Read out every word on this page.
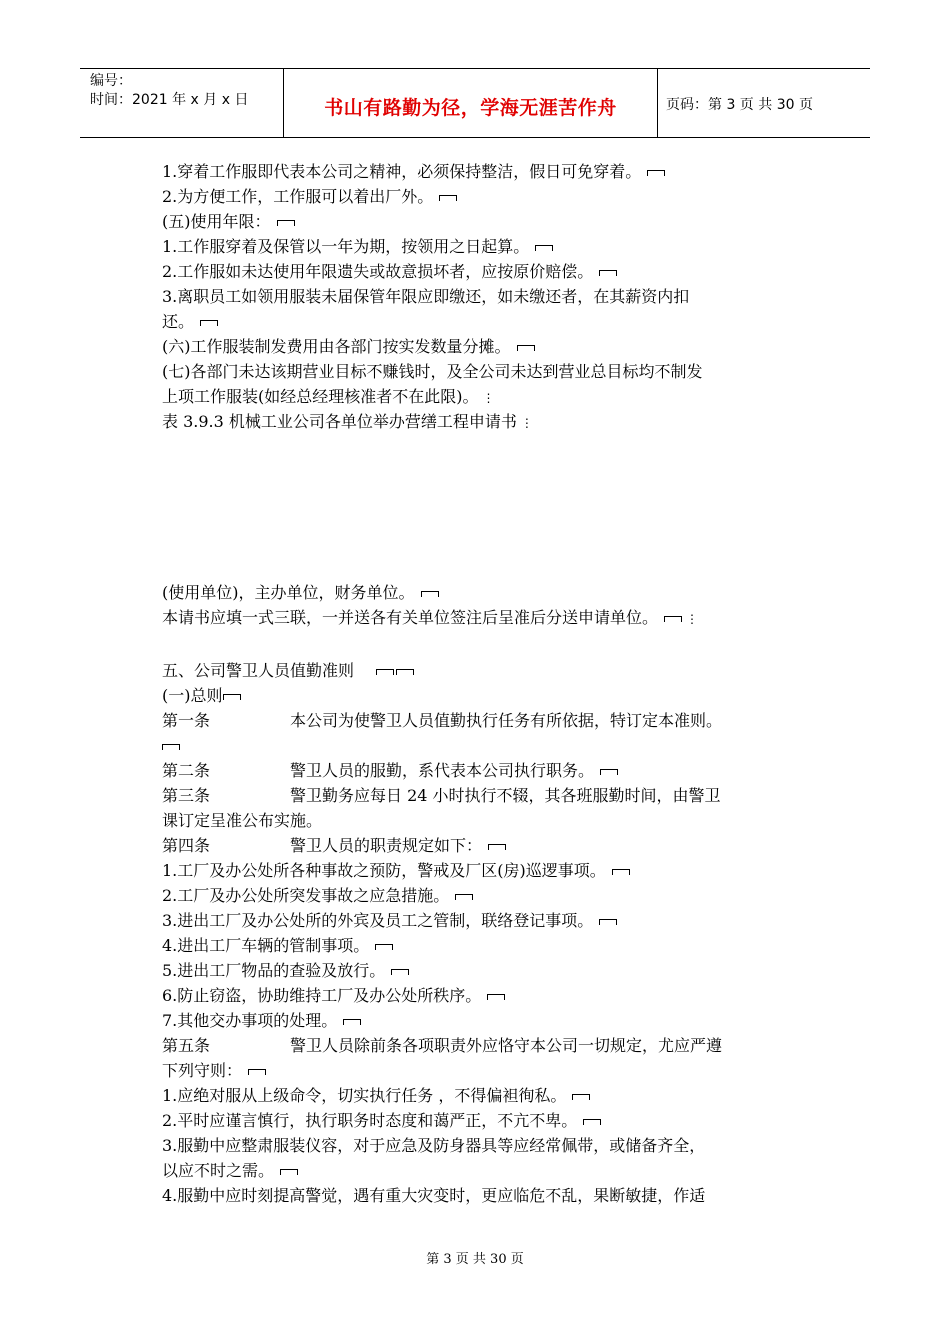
编号：
时间：2021 年 x 月 x 日	书山有路勤为径，学海无涯苦作舟	页码：第 3 页 共 30 页
1.穿着工作服即代表本公司之精神，必须保持整洁，假日可免穿着。
2.为方便工作，工作服可以着出厂外。
(五)使用年限：
1.工作服穿着及保管以一年为期，按领用之日起算。
2.工作服如未达使用年限遗失或故意损坏者，应按原价赔偿。
3.离职员工如领用服装未届保管年限应即缴还，如未缴还者，在其薪资内扣
还。
(六)工作服装制发费用由各部门按实发数量分摊。
(七)各部门未达该期营业目标不赚钱时，及全公司未达到营业总目标均不制发
上项工作服装(如经总经理核准者不在此限)。 ⋮
表 3.9.3 机械工业公司各单位举办营缮工程申请书 ⋮
(使用单位)，主办单位，财务单位。
本请书应填一式三联，一并送各有关单位签注后呈准后分送申请单位。 ⋮
五、公司警卫人员值勤准则
(一)总则
第一条	本公司为使警卫人员值勤执行任务有所依据，特订定本准则。
第二条	警卫人员的服勤，系代表本公司执行职务。
第三条	警卫勤务应每日 24 小时执行不辍，其各班服勤时间，由警卫
课订定呈准公布实施。
第四条	警卫人员的职责规定如下：
1.工厂及办公处所各种事故之预防，警戒及厂区(房)巡逻事项。
2.工厂及办公处所突发事故之应急措施。
3.进出工厂及办公处所的外宾及员工之管制，联络登记事项。
4.进出工厂车辆的管制事项。
5.进出工厂物品的查验及放行。
6.防止窃盗，协助维持工厂及办公处所秩序。
7.其他交办事项的处理。
第五条	警卫人员除前条各项职责外应恪守本公司一切规定，尤应严遵
下列守则：
1.应绝对服从上级命令，切实执行任务 ，不得偏袒徇私。
2.平时应谨言慎行，执行职务时态度和蔼严正，不亢不卑。
3.服勤中应整肃服装仪容，对于应急及防身器具等应经常佩带，或储备齐全，
以应不时之需。
4.服勤中应时刻提高警觉，遇有重大灾变时，更应临危不乱，果断敏捷，作适
第 3 页 共 30 页
